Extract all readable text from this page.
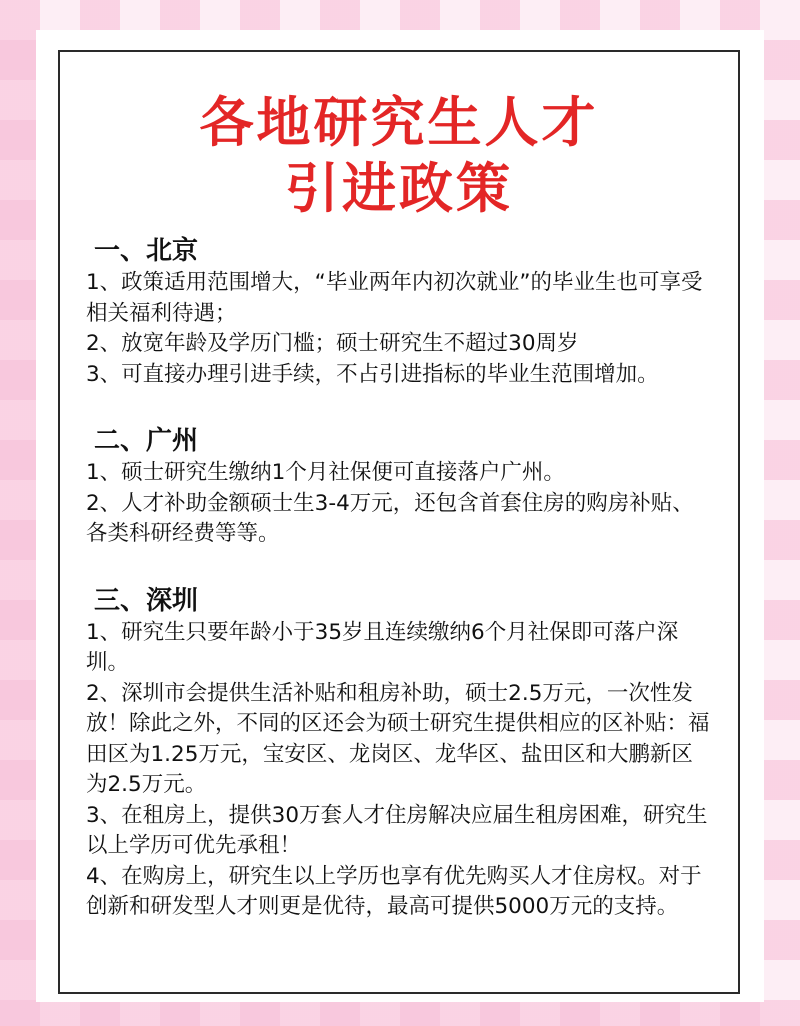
各地研究生人才
引进政策

一、北京

1、政策适用范围增大，“毕业两年内初次就业”的毕业生也可享受相关福利待遇；

2、放宽年龄及学历门槛；硕士研究生不超过30周岁

3、可直接办理引进手续，不占引进指标的毕业生范围增加。

二、广州

1、硕士研究生缴纳1个月社保便可直接落户广州。

2、人才补助金额硕士生3-4万元，还包含首套住房的购房补贴、各类科研经费等等。

三、深圳

1、研究生只要年龄小于35岁且连续缴纳6个月社保即可落户深圳。

2、深圳市会提供生活补贴和租房补助，硕士2.5万元，一次性发放！除此之外，不同的区还会为硕士研究生提供相应的区补贴：福田区为1.25万元，宝安区、龙岗区、龙华区、盐田区和大鹏新区为2.5万元。

3、在租房上，提供30万套人才住房解决应届生租房困难，研究生以上学历可优先承租！

4、在购房上，研究生以上学历也享有优先购买人才住房权。对于创新和研发型人才则更是优待，最高可提供5000万元的支持。
